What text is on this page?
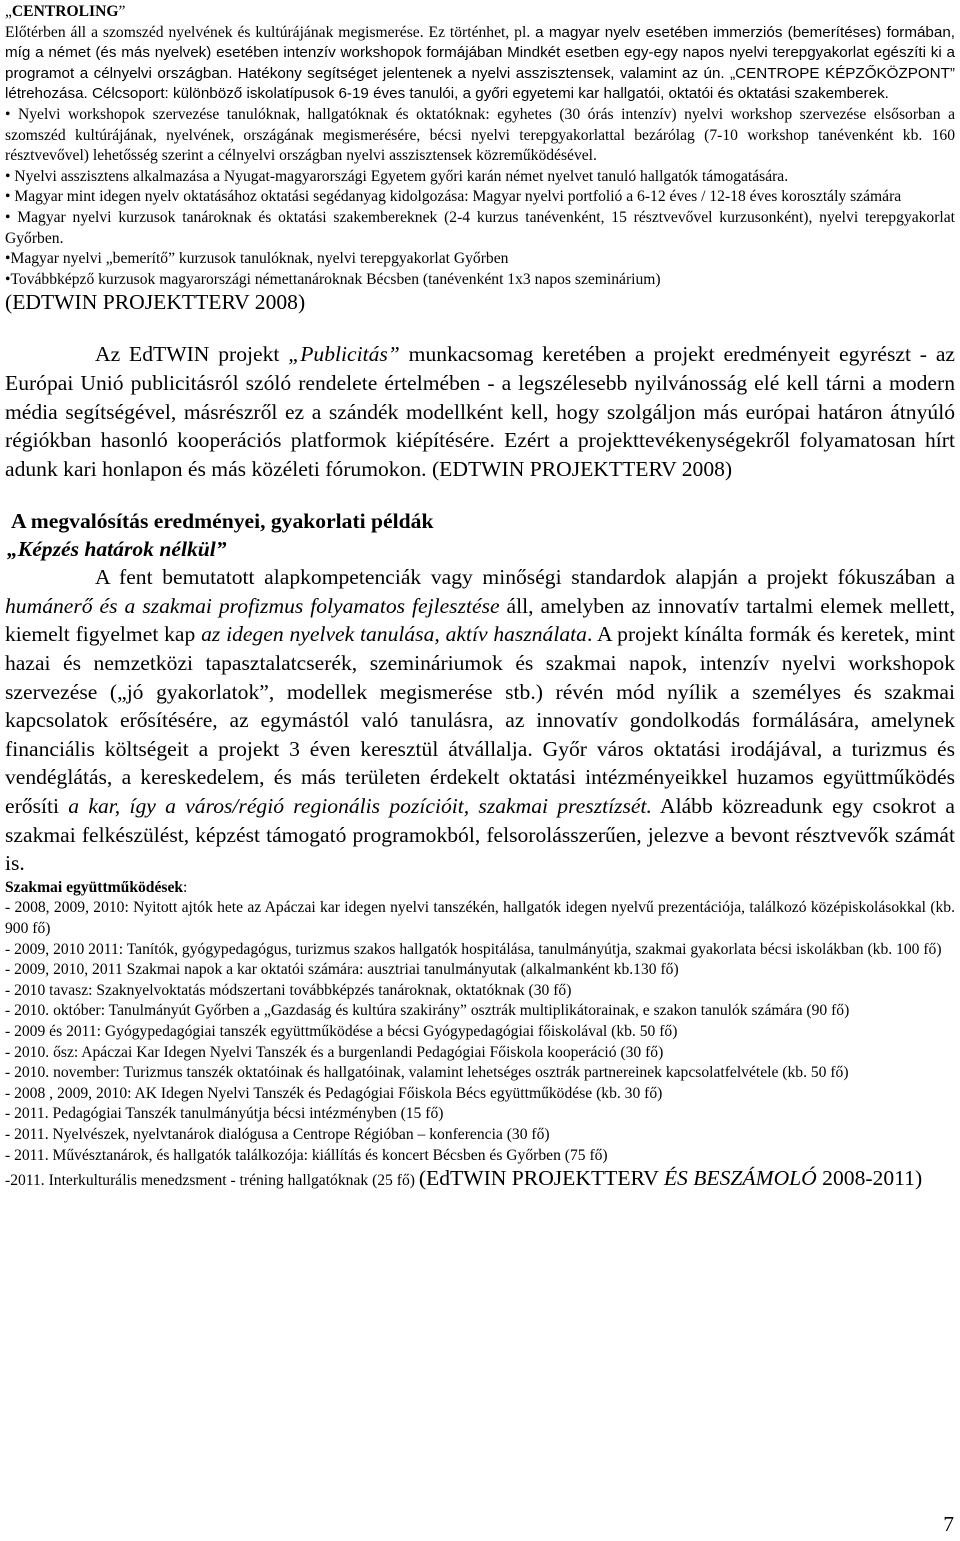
„CENTROLING”

Előtérben áll a szomszéd nyelvének és kultúrájának megismerése. Ez történhet, pl. a magyar nyelv esetében immerziós (bemerítéses) formában, míg a német (és más nyelvek) esetében intenzív workshopok formájában Mindkét esetben egy-egy napos nyelvi terepgyakorlat egészíti ki a programot a célnyelvi országban. Hatékony segítséget jelentenek a nyelvi asszisztensek, valamint az ún. „CENTROPE KÉPZŐKÖZPONT” létrehozása. Célcsoport: különböző iskolatípusok 6-19 éves tanulói, a győri egyetemi kar hallgatói, oktatói és oktatási szakemberek.

• Nyelvi workshopok szervezése tanulóknak, hallgatóknak és oktatóknak: egyhetes (30 órás intenzív) nyelvi workshop szervezése elsősorban a szomszéd kultúrájának, nyelvének, országának megismerésére, bécsi nyelvi terepgyakorlattal bezárólag (7-10 workshop tanévenként kb. 160 résztvevővel) lehetősség szerint a célnyelvi országban nyelvi asszisztensek közreműködésével.

• Nyelvi asszisztens alkalmazása a Nyugat-magyarországi Egyetem győri karán német nyelvet tanuló hallgatók támogatására.

• Magyar mint idegen nyelv oktatásához oktatási segédanyag kidolgozása: Magyar nyelvi portfolió a 6-12 éves / 12-18 éves korosztály számára

• Magyar nyelvi kurzusok tanároknak és oktatási szakembereknek (2-4 kurzus tanévenként, 15 résztvevővel kurzusonként), nyelvi terepgyakorlat Győrben.

•Magyar nyelvi „bemerítő” kurzusok tanulóknak, nyelvi terepgyakorlat Győrben

•Továbbképző kurzusok magyarországi némettanároknak Bécsben (tanévenként 1x3 napos szeminárium)

(EDTWIN PROJEKTTERV 2008)

Az EdTWIN projekt „Publicitás” munkacsomag keretében a projekt eredményeit egyrészt - az Európai Unió publicitásról szóló rendelete értelmében - a legszélesebb nyilvánosság elé kell tárni a modern média segítségével, másrészről ez a szándék modellként kell, hogy szolgáljon más európai határon átnyúló régiókban hasonló kooperációs platformok kiépítésére. Ezért a projekttevékenységekről folyamatosan hírt adunk kari honlapon és más közéleti fórumokon. (EDTWIN PROJEKTTERV 2008)

A megvalósítás eredményei, gyakorlati példák
„Képzés határok nélkül”

A fent bemutatott alapkompetenciák vagy minőségi standardok alapján a projekt fókuszában a humánerő és a szakmai profizmus folyamatos fejlesztése áll, amelyben az innovatív tartalmi elemek mellett, kiemelt figyelmet kap az idegen nyelvek tanulása, aktív használata. A projekt kínálta formák és keretek, mint hazai és nemzetközi tapasztalatcserék, szemináriumok és szakmai napok, intenzív nyelvi workshopok szervezése („jó gyakorlatok”, modellek megismerése stb.) révén mód nyílik a személyes és szakmai kapcsolatok erősítésére, az egymástól való tanulásra, az innovatív gondolkodás formálására, amelynek financiális költségeit a projekt 3 éven keresztül átvállalja. Győr város oktatási irodájával, a turizmus és vendéglátás, a kereskedelem, és más területen érdekelt oktatási intézményeikkel huzamos együttműködés erősíti a kar, így a város/régió regionális pozícióit, szakmai presztízsét. Alább közreadunk egy csokrot a szakmai felkészülést, képzést támogató programokból, felsorolásszerűen, jelezve a bevont résztvevők számát is.

Szakmai együttműködések:

- 2008, 2009, 2010: Nyitott ajtók hete az Apáczai kar idegen nyelvi tanszékén, hallgatók idegen nyelvű prezentációja, találkozó középiskolásokkal (kb. 900 fő)

- 2009, 2010 2011: Tanítók, gyógypedagógus, turizmus szakos hallgatók hospitálása, tanulmányútja, szakmai gyakorlata bécsi iskolákban (kb. 100 fő)

- 2009, 2010, 2011 Szakmai napok a kar oktatói számára: ausztriai tanulmányutak (alkalmanként kb.130 fő)

- 2010 tavasz: Szaknyelvoktatás módszertani továbbképzés tanároknak, oktatóknak (30 fő)

- 2010. október: Tanulmányút Győrben a „Gazdaság és kultúra szakirány” osztrák multiplikátorainak, e szakon tanulók számára (90 fő)

- 2009 és 2011: Gyógypedagógiai tanszék együttműködése a bécsi Gyógypedagógiai főiskolával (kb. 50 fő)

- 2010. ősz: Apáczai Kar Idegen Nyelvi Tanszék és a burgenlandi Pedagógiai Főiskola kooperáció (30 fő)

- 2010. november: Turizmus tanszék oktatóinak és hallgatóinak, valamint lehetséges osztrák partnereinek kapcsolatfelvétele (kb. 50 fő)

- 2008 , 2009, 2010: AK Idegen Nyelvi Tanszék és Pedagógiai Főiskola Bécs együttműködése (kb. 30 fő)

- 2011. Pedagógiai Tanszék tanulmányútja bécsi intézményben (15 fő)

- 2011. Nyelvészek, nyelvtanárok dialógusa a Centrope Régióban – konferencia (30 fő)

- 2011. Művésztanárok, és hallgatók találkozója: kiállítás és koncert Bécsben és Győrben (75 fő)

-2011. Interkulturális menedzsment - tréning hallgatóknak (25 fő) (EdTWIN PROJEKTTERV ÉS BESZÁMOLÓ 2008-2011)
7
